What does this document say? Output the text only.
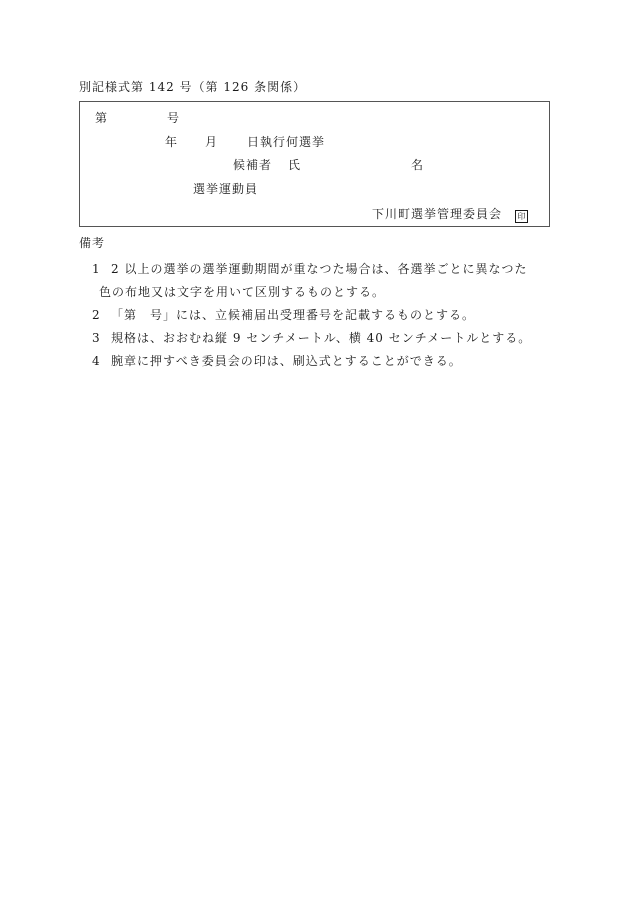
別記様式第 142 号（第 126 条関係）
第	号
年 月 日執行何選挙
候補者 氏	名
選挙運動員
下川町選挙管理委員会 印
備考
1 2 以上の選挙の選挙運動期間が重なつた場合は、各選挙ごとに異なつた
色の布地又は文字を用いて区別するものとする。
2 「第　号」には、立候補届出受理番号を記載するものとする。
3 規格は、おおむね縦 9 センチメートル、横 40 センチメートルとする。
4 腕章に押すべき委員会の印は、刷込式とすることができる。
